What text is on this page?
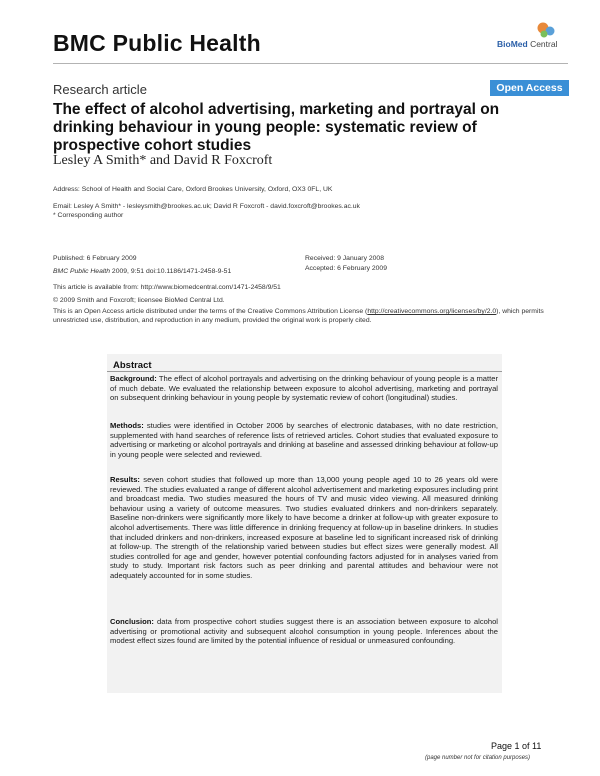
BMC Public Health	BioMed Central
Research article	Open Access
The effect of alcohol advertising, marketing and portrayal on drinking behaviour in young people: systematic review of prospective cohort studies
Lesley A Smith* and David R Foxcroft
Address: School of Health and Social Care, Oxford Brookes University, Oxford, OX3 0FL, UK
Email: Lesley A Smith* - lesleysmith@brookes.ac.uk; David R Foxcroft - david.foxcroft@brookes.ac.uk
* Corresponding author
Published: 6 February 2009
BMC Public Health 2009, 9:51 doi:10.1186/1471-2458-9-51
Received: 9 January 2008
Accepted: 6 February 2009
This article is available from: http://www.biomedcentral.com/1471-2458/9/51
© 2009 Smith and Foxcroft; licensee BioMed Central Ltd.
This is an Open Access article distributed under the terms of the Creative Commons Attribution License (http://creativecommons.org/licenses/by/2.0), which permits unrestricted use, distribution, and reproduction in any medium, provided the original work is properly cited.
Abstract
Background: The effect of alcohol portrayals and advertising on the drinking behaviour of young people is a matter of much debate. We evaluated the relationship between exposure to alcohol advertising, marketing and portrayal on subsequent drinking behaviour in young people by systematic review of cohort (longitudinal) studies.
Methods: studies were identified in October 2006 by searches of electronic databases, with no date restriction, supplemented with hand searches of reference lists of retrieved articles. Cohort studies that evaluated exposure to advertising or marketing or alcohol portrayals and drinking at baseline and assessed drinking behaviour at follow-up in young people were selected and reviewed.
Results: seven cohort studies that followed up more than 13,000 young people aged 10 to 26 years old were reviewed. The studies evaluated a range of different alcohol advertisement and marketing exposures including print and broadcast media. Two studies measured the hours of TV and music video viewing. All measured drinking behaviour using a variety of outcome measures. Two studies evaluated drinkers and non-drinkers separately. Baseline non-drinkers were significantly more likely to have become a drinker at follow-up with greater exposure to alcohol advertisements. There was little difference in drinking frequency at follow-up in baseline drinkers. In studies that included drinkers and non-drinkers, increased exposure at baseline led to significant increased risk of drinking at follow-up. The strength of the relationship varied between studies but effect sizes were generally modest. All studies controlled for age and gender, however potential confounding factors adjusted for in analyses varied from study to study. Important risk factors such as peer drinking and parental attitudes and behaviour were not adequately accounted for in some studies.
Conclusion: data from prospective cohort studies suggest there is an association between exposure to alcohol advertising or promotional activity and subsequent alcohol consumption in young people. Inferences about the modest effect sizes found are limited by the potential influence of residual or unmeasured confounding.
Page 1 of 11
(page number not for citation purposes)
